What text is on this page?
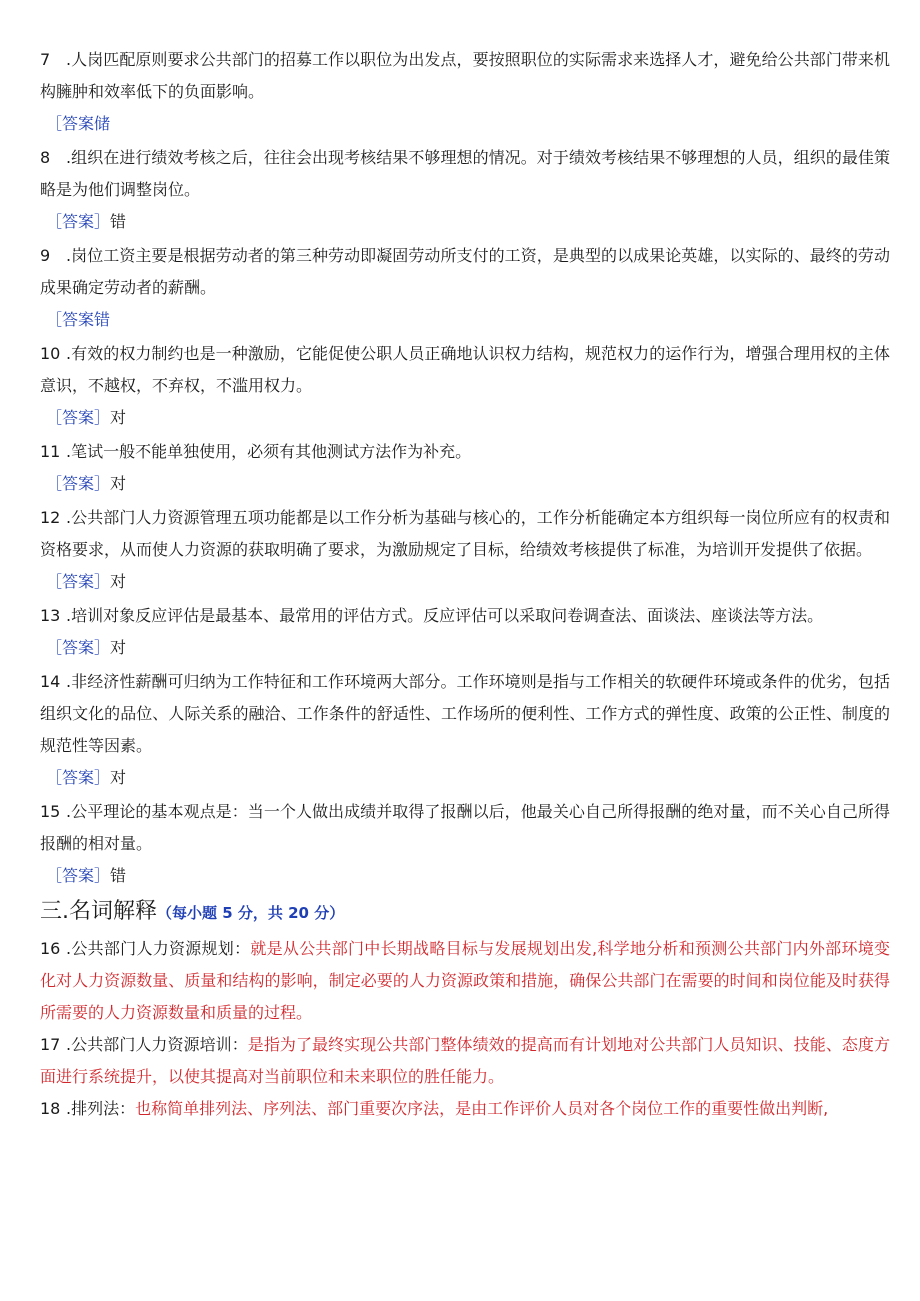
7 .人岗匹配原则要求公共部门的招募工作以职位为出发点，要按照职位的实际需求来选择人才，避免给公共部门带来机构臃肿和效率低下的负面影响。

［答案储

8 .组织在进行绩效考核之后，往往会出现考核结果不够理想的情况。对于绩效考核结果不够理想的人员，组织的最佳策略是为他们调整岗位。

［答案］错

9 .岗位工资主要是根据劳动者的第三种劳动即凝固劳动所支付的工资，是典型的以成果论英雄，以实际的、最终的劳动成果确定劳动者的薪酬。

［答案错

10 .有效的权力制约也是一种激励，它能促使公职人员正确地认识权力结构，规范权力的运作行为，增强合理用权的主体意识，不越权，不弃权，不滥用权力。

［答案］对

11 .笔试一般不能单独使用，必须有其他测试方法作为补充。

［答案］对

12 .公共部门人力资源管理五项功能都是以工作分析为基础与核心的，工作分析能确定本方组织每一岗位所应有的权责和资格要求，从而使人力资源的获取明确了要求，为激励规定了目标，给绩效考核提供了标准，为培训开发提供了依据。

［答案］对

13 .培训对象反应评估是最基本、最常用的评估方式。反应评估可以采取问卷调查法、面谈法、座谈法等方法。

［答案］对

14 .非经济性薪酬可归纳为工作特征和工作环境两大部分。工作环境则是指与工作相关的软硬件环境或条件的优劣，包括组织文化的品位、人际关系的融洽、工作条件的舒适性、工作场所的便利性、工作方式的弹性度、政策的公正性、制度的规范性等因素。

［答案］对

15 .公平理论的基本观点是：当一个人做出成绩并取得了报酬以后，他最关心自己所得报酬的绝对量，而不关心自己所得报酬的相对量。

［答案］错

三.名词解释（每小题 5 分，共 20 分）

16 .公共部门人力资源规划：就是从公共部门中长期战略目标与发展规划出发,科学地分析和预测公共部门内外部环境变化对人力资源数量、质量和结构的影响，制定必要的人力资源政策和措施，确保公共部门在需要的时间和岗位能及时获得所需要的人力资源数量和质量的过程。

17 .公共部门人力资源培训：是指为了最终实现公共部门整体绩效的提高而有计划地对公共部门人员知识、技能、态度方面进行系统提升，以使其提高对当前职位和未来职位的胜任能力。

18 .排列法：也称简单排列法、序列法、部门重要次序法，是由工作评价人员对各个岗位工作的重要性做出判断,
